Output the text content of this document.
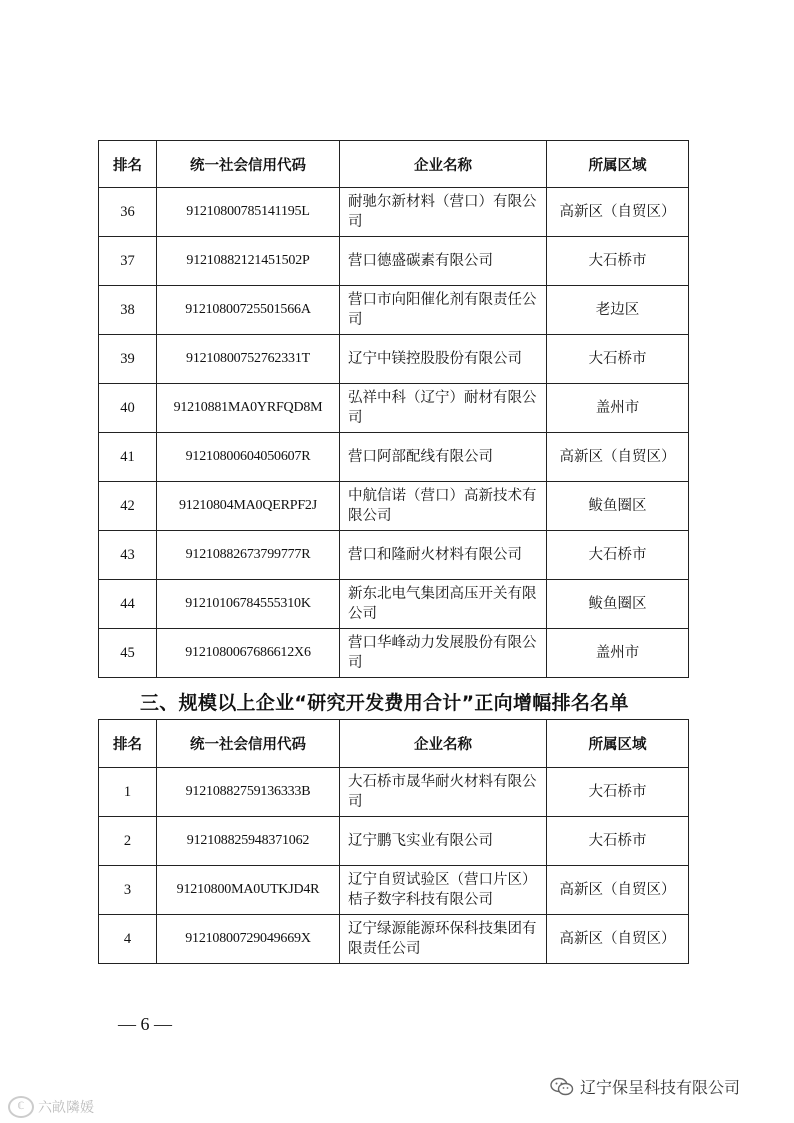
排名	统一社会信用代码	企业名称	所属区域
36	91210800785141195L	耐驰尔新材料（营口）有限公司	高新区（自贸区）
37	91210882121451502P	营口德盛碳素有限公司	大石桥市
38	91210800725501566A	营口市向阳催化剂有限责任公司	老边区
39	91210800752762331T	辽宁中镁控股股份有限公司	大石桥市
40	91210881MA0YRFQD8M	弘祥中科（辽宁）耐材有限公司	盖州市
41	91210800604050607R	营口阿部配线有限公司	高新区（自贸区）
42	91210804MA0QERPF2J	中航信诺（营口）高新技术有限公司	鲅鱼圈区
43	91210882673799777R	营口和隆耐火材料有限公司	大石桥市
44	91210106784555310K	新东北电气集团高压开关有限公司	鲅鱼圈区
45	9121080067686612X6	营口华峰动力发展股份有限公司	盖州市
三、规模以上企业“研究开发费用合计”正向增幅排名名单
排名	统一社会信用代码	企业名称	所属区域
1	91210882759136333B	大石桥市晟华耐火材料有限公司	大石桥市
2	912108825948371062	辽宁鹏飞实业有限公司	大石桥市
3	91210800MA0UTKJD4R	辽宁自贸试验区（营口片区）桔子数字科技有限公司	高新区（自贸区）
4	91210800729049669X	辽宁绿源能源环保科技集团有限责任公司	高新区（自贸区）
— 6 —
ℂ 六畝隣媛
辽宁保呈科技有限公司
